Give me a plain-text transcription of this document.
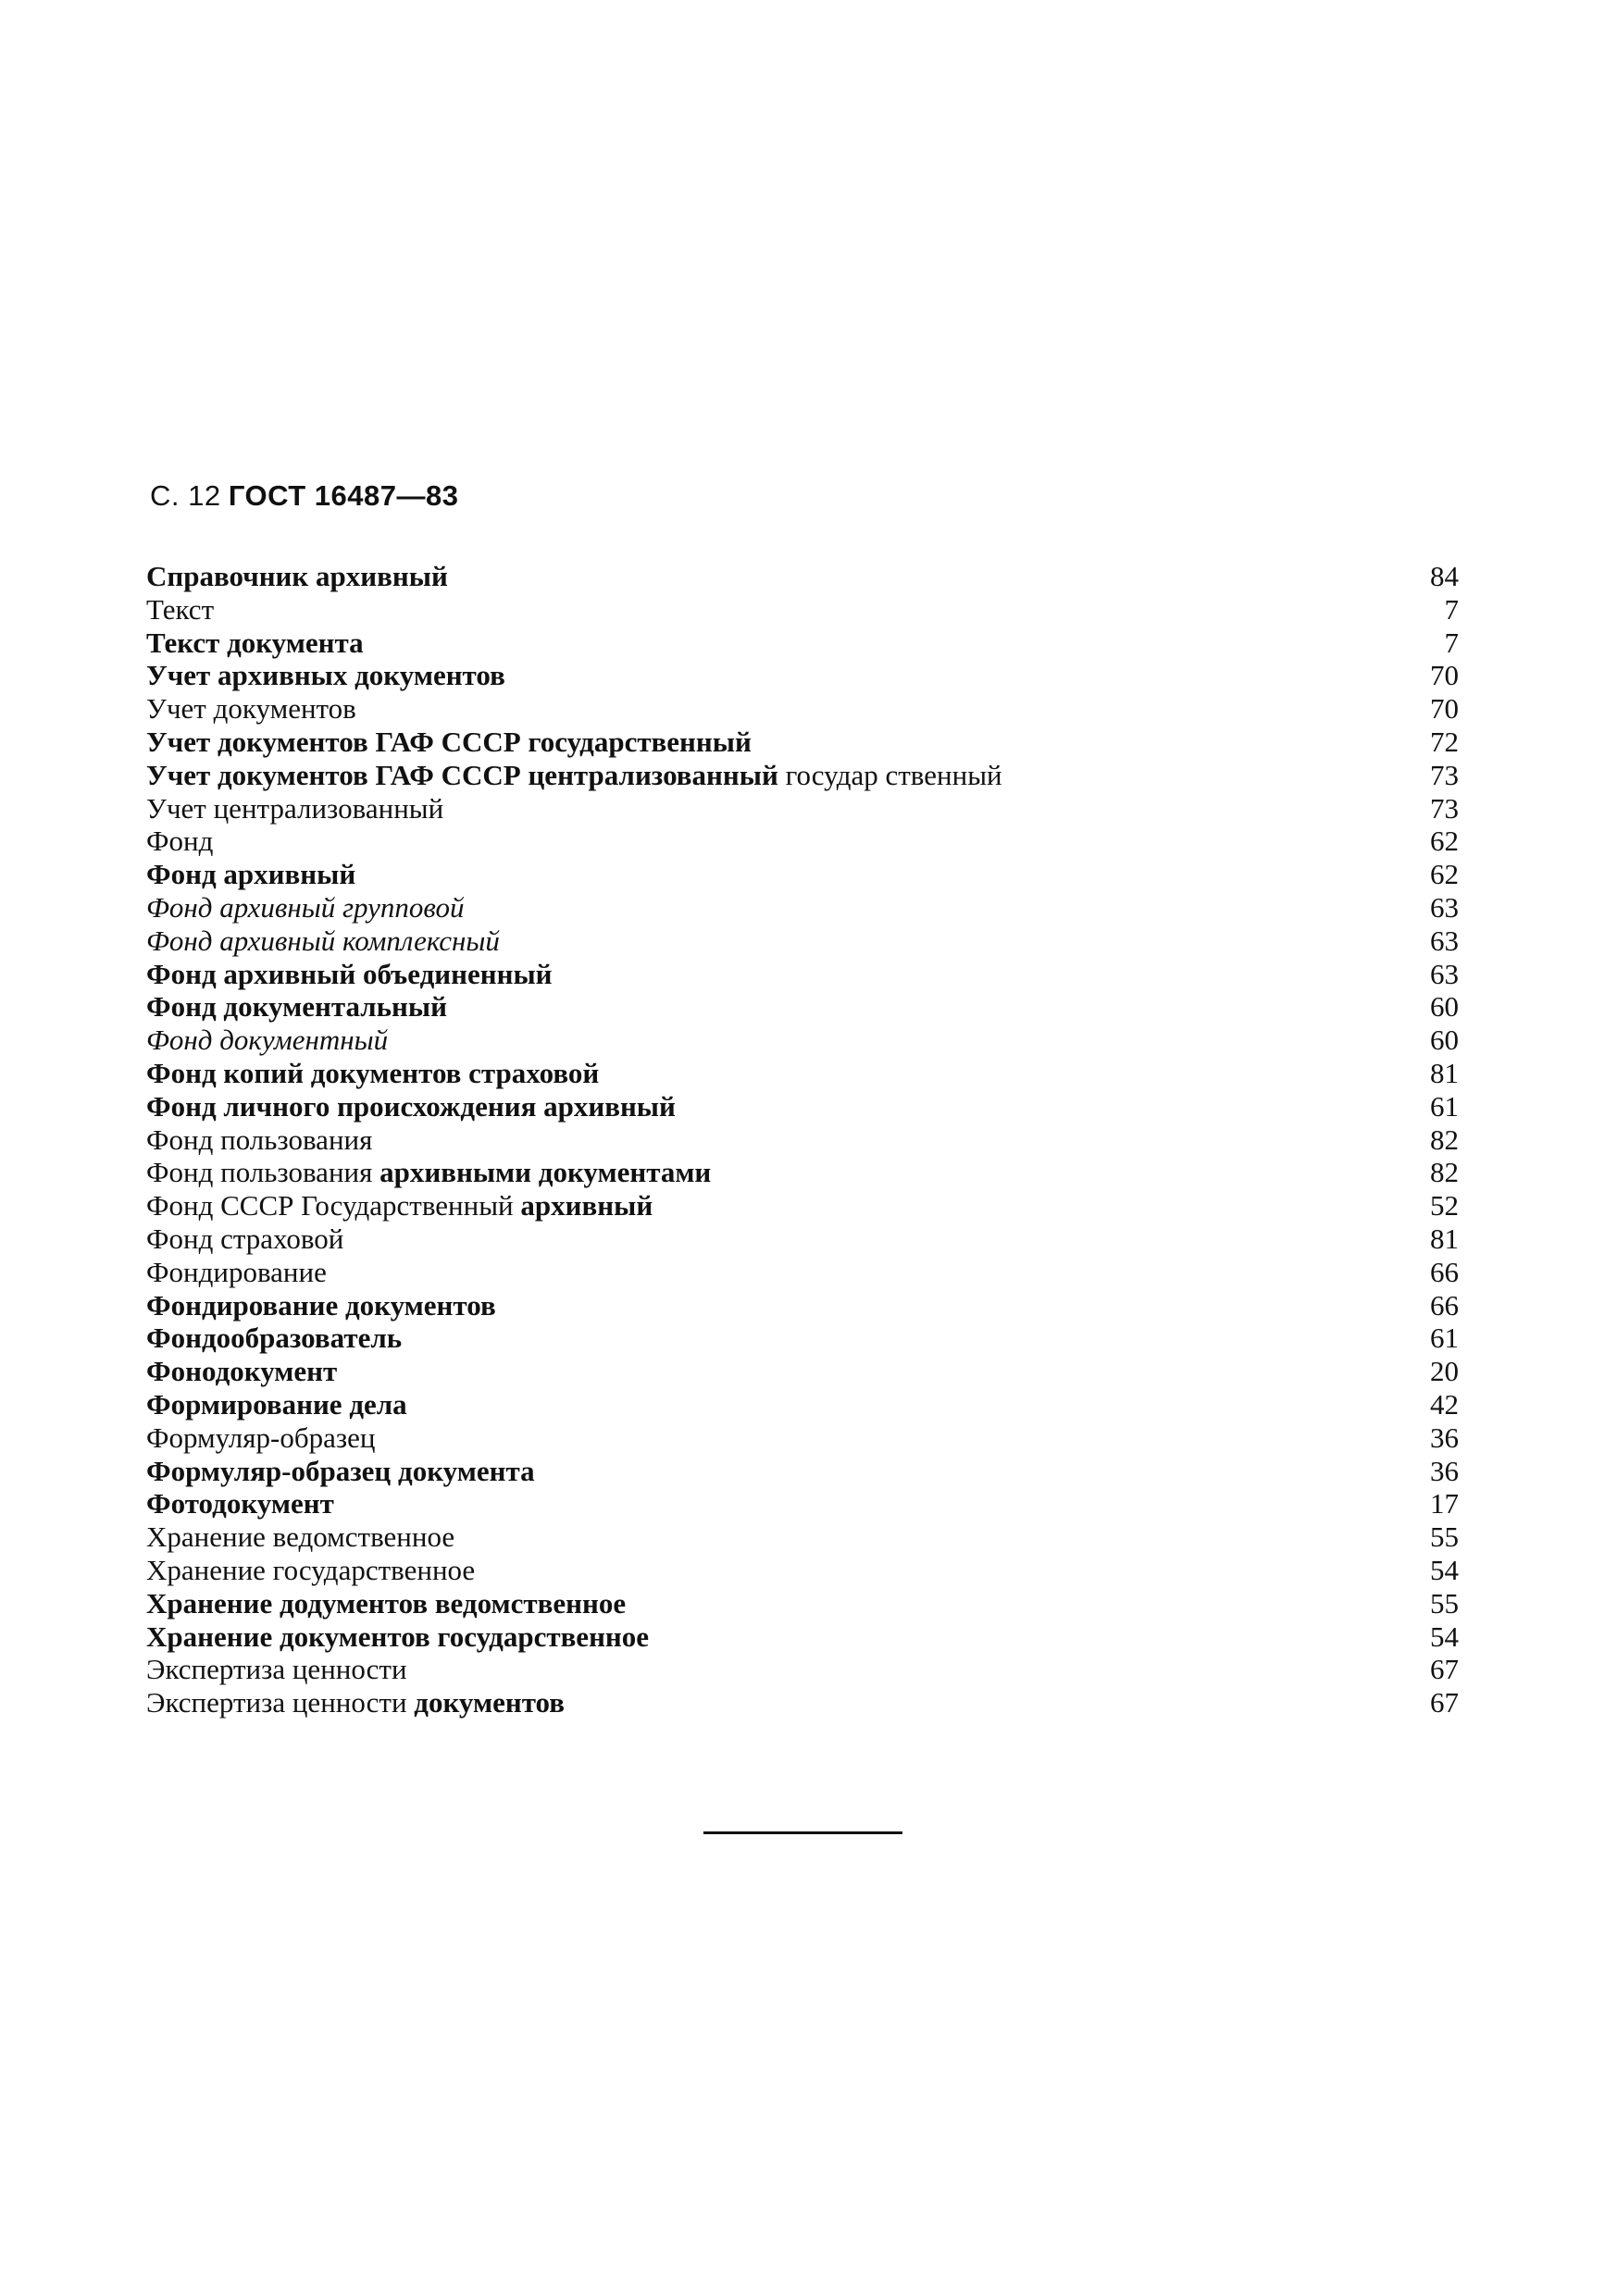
С. 12 ГОСТ 16487—83
Справочник архивный	84
Текст	7
Текст документа	7
Учет архивных документов	70
Учет документов	70
Учет документов ГАФ СССР государственный	72
Учет документов ГАФ СССР централизованный государ ственный	73
Учет централизованный	73
Фонд	62
Фонд архивный	62
Фонд архивный групповой	63
Фонд архивный комплексный	63
Фонд архивный объединенный	63
Фонд документальный	60
Фонд документный	60
Фонд копий документов страховой	81
Фонд личного происхождения архивный	61
Фонд пользования	82
Фонд пользования архивными документами	82
Фонд СССР Государственный архивный	52
Фонд страховой	81
Фондирование	66
Фондирование документов	66
Фондообразователь	61
Фонодокумент	20
Формирование дела	42
Формуляр-образец	36
Формуляр-образец документа	36
Фотодокумент	17
Хранение ведомственное	55
Хранение государственное	54
Хранение додументов ведомственное	55
Хранение документов государственное	54
Экспертиза ценности	67
Экспертиза ценности документов	67
